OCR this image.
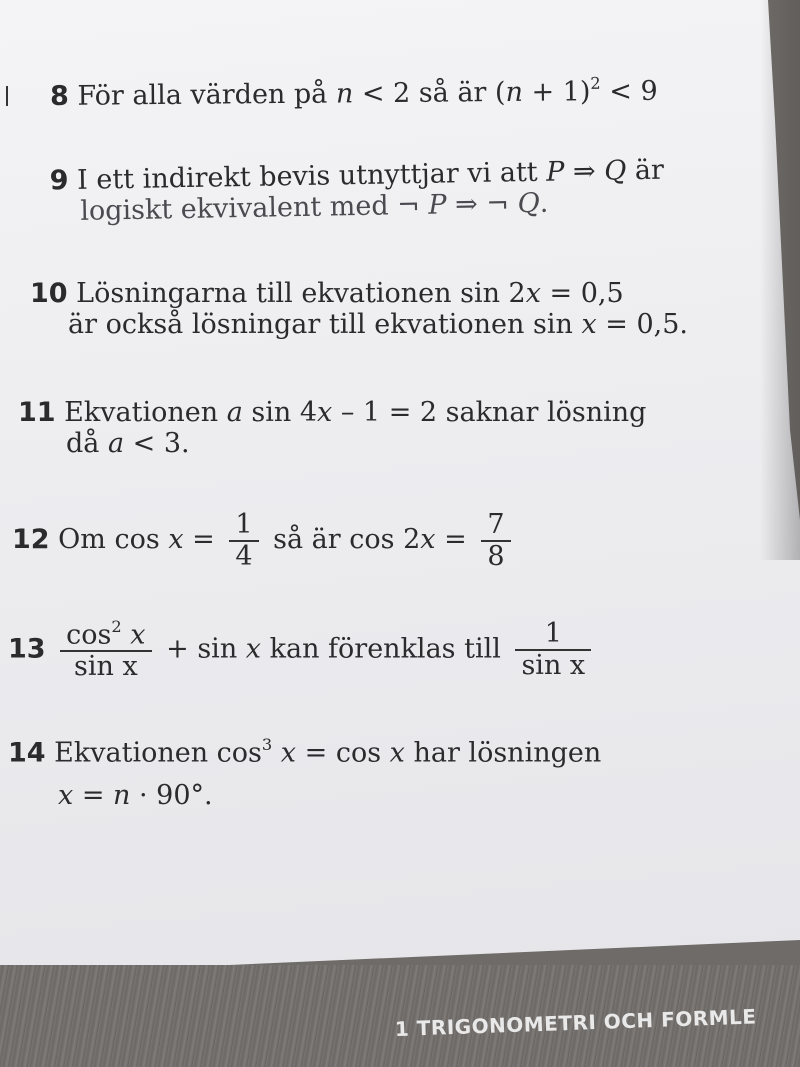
1 TRIGONOMETRI OCH FORMLE
8 För alla värden på n < 2 så är $(n + 1)^2 < 9$
9 I ett indirekt bevis utnyttjar vi att P ⇒ Q är
logiskt ekvivalent med ¬ P ⇒ ¬ Q.
10 Lösningarna till ekvationen sin 2x = 0,5
är också lösningar till ekvationen sin x = 0,5.
11 Ekvationen a sin 4x – 1 = 2 saknar lösning
då a < 3.
12 Om $\cos x = \frac{1}{4}$ så är $\cos 2x = \frac{7}{8}$
$13 \frac{\cos^2 x}{\text{sin x}} + \sin x$ kan förenklas till $\frac{1}{\text{sin x}}$
14 Ekvationen $\cos^3 x = \cos x$ har lösningen
x = n · 90°.
